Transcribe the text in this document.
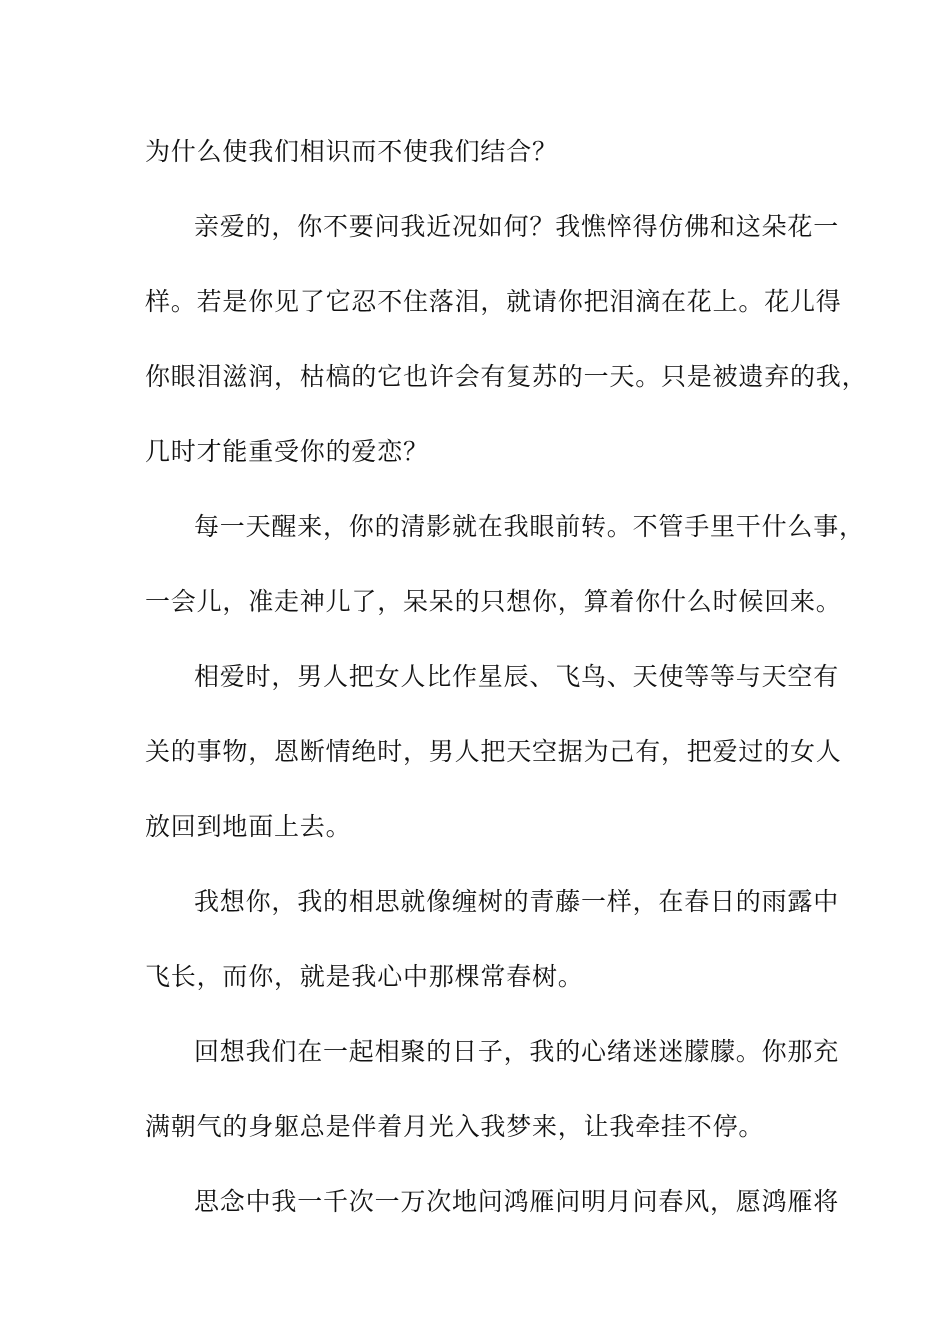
为什么使我们相识而不使我们结合？
亲爱的，你不要问我近况如何？我憔悴得仿佛和这朵花一
样。若是你见了它忍不住落泪，就请你把泪滴在花上。花儿得
你眼泪滋润，枯槁的它也许会有复苏的一天。只是被遗弃的我，
几时才能重受你的爱恋？
每一天醒来，你的清影就在我眼前转。不管手里干什么事，
一会儿，准走神儿了，呆呆的只想你，算着你什么时候回来。
相爱时，男人把女人比作星辰、飞鸟、天使等等与天空有
关的事物，恩断情绝时，男人把天空据为己有，把爱过的女人
放回到地面上去。
我想你，我的相思就像缠树的青藤一样，在春日的雨露中
飞长，而你，就是我心中那棵常春树。
回想我们在一起相聚的日子，我的心绪迷迷朦朦。你那充
满朝气的身躯总是伴着月光入我梦来，让我牵挂不停。
思念中我一千次一万次地问鸿雁问明月问春风，愿鸿雁将
